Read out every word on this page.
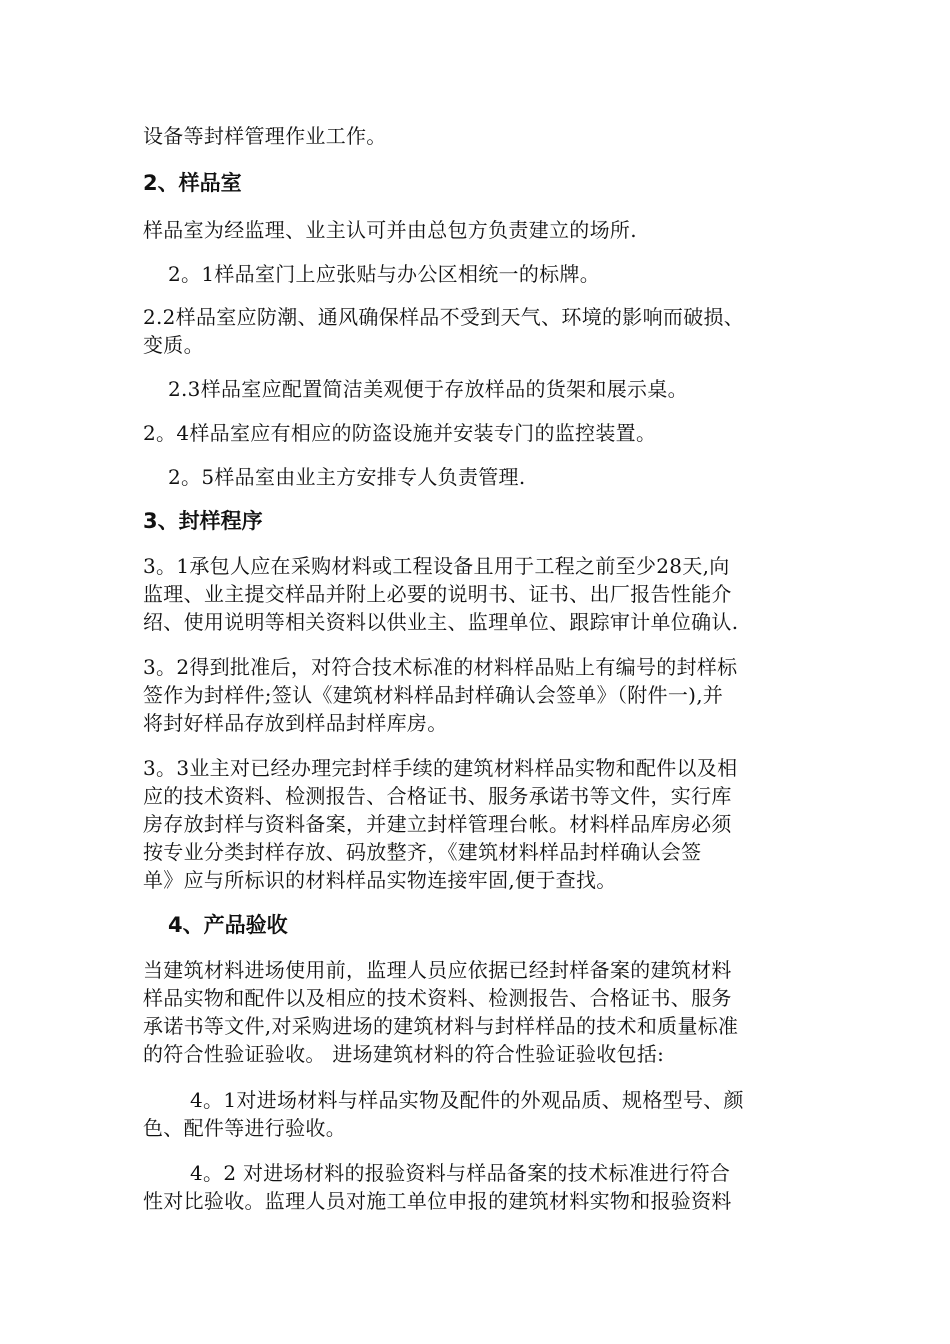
设备等封样管理作业工作。
2、样品室
样品室为经监理、业主认可并由总包方负责建立的场所.
2。1样品室门上应张贴与办公区相统一的标牌。
2.2样品室应防潮、通风确保样品不受到天气、环境的影响而破损、
变质。
2.3样品室应配置简洁美观便于存放样品的货架和展示桌。
2。4样品室应有相应的防盗设施并安装专门的监控装置。
2。5样品室由业主方安排专人负责管理.
3、封样程序
3。1承包人应在采购材料或工程设备且用于工程之前至少28天,向
监理、业主提交样品并附上必要的说明书、证书、出厂报告性能介
绍、使用说明等相关资料以供业主、监理单位、跟踪审计单位确认.
3。2得到批准后，对符合技术标准的材料样品贴上有编号的封样标
签作为封样件;签认《建筑材料样品封样确认会签单》（附件一),并
将封好样品存放到样品封样库房。
3。3业主对已经办理完封样手续的建筑材料样品实物和配件以及相
应的技术资料、检测报告、合格证书、服务承诺书等文件，实行库
房存放封样与资料备案，并建立封样管理台帐。材料样品库房必须
按专业分类封样存放、码放整齐，《建筑材料样品封样确认会签
单》应与所标识的材料样品实物连接牢固,便于查找。
4、产品验收
当建筑材料进场使用前，监理人员应依据已经封样备案的建筑材料
样品实物和配件以及相应的技术资料、检测报告、合格证书、服务
承诺书等文件,对采购进场的建筑材料与封样样品的技术和质量标准
的符合性验证验收。 进场建筑材料的符合性验证验收包括:
4。1对进场材料与样品实物及配件的外观品质、规格型号、颜
色、配件等进行验收。
4。2 对进场材料的报验资料与样品备案的技术标准进行符合
性对比验收。监理人员对施工单位申报的建筑材料实物和报验资料
